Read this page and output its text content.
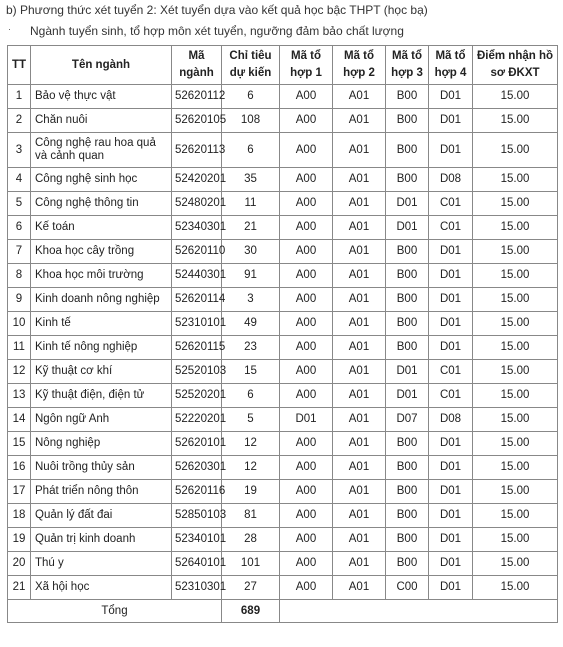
b) Phương thức xét tuyển 2: Xét tuyển dựa vào kết quả học bậc THPT (học bạ)
· Ngành tuyển sinh, tổ hợp môn xét tuyển, ngưỡng đảm bảo chất lượng
TT	Tên ngành	Mã ngành	Chỉ tiêu dự kiến	Mã tổ hợp 1	Mã tổ hợp 2	Mã tổ hợp 3	Mã tổ hợp 4	Điểm nhận hồ sơ ĐKXT
1	Bảo vệ thực vật	52620112	6	A00	A01	B00	D01	15.00
2	Chăn nuôi	52620105	108	A00	A01	B00	D01	15.00
3	Công nghệ rau hoa quả và cảnh quan	52620113	6	A00	A01	B00	D01	15.00
4	Công nghệ sinh học	52420201	35	A00	A01	B00	D08	15.00
5	Công nghệ thông tin	52480201	11	A00	A01	D01	C01	15.00
6	Kế toán	52340301	21	A00	A01	D01	C01	15.00
7	Khoa học cây trồng	52620110	30	A00	A01	B00	D01	15.00
8	Khoa học môi trường	52440301	91	A00	A01	B00	D01	15.00
9	Kinh doanh nông nghiệp	52620114	3	A00	A01	B00	D01	15.00
10	Kinh tế	52310101	49	A00	A01	B00	D01	15.00
11	Kinh tế nông nghiệp	52620115	23	A00	A01	B00	D01	15.00
12	Kỹ thuật cơ khí	52520103	15	A00	A01	D01	C01	15.00
13	Kỹ thuật điện, điện tử	52520201	6	A00	A01	D01	C01	15.00
14	Ngôn ngữ Anh	52220201	5	D01	A01	D07	D08	15.00
15	Nông nghiệp	52620101	12	A00	A01	B00	D01	15.00
16	Nuôi trồng thủy sản	52620301	12	A00	A01	B00	D01	15.00
17	Phát triển nông thôn	52620116	19	A00	A01	B00	D01	15.00
18	Quản lý đất đai	52850103	81	A00	A01	B00	D01	15.00
19	Quản trị kinh doanh	52340101	28	A00	A01	B00	D01	15.00
20	Thú y	52640101	101	A00	A01	B00	D01	15.00
21	Xã hội học	52310301	27	A00	A01	C00	D01	15.00
Tổng			689					
